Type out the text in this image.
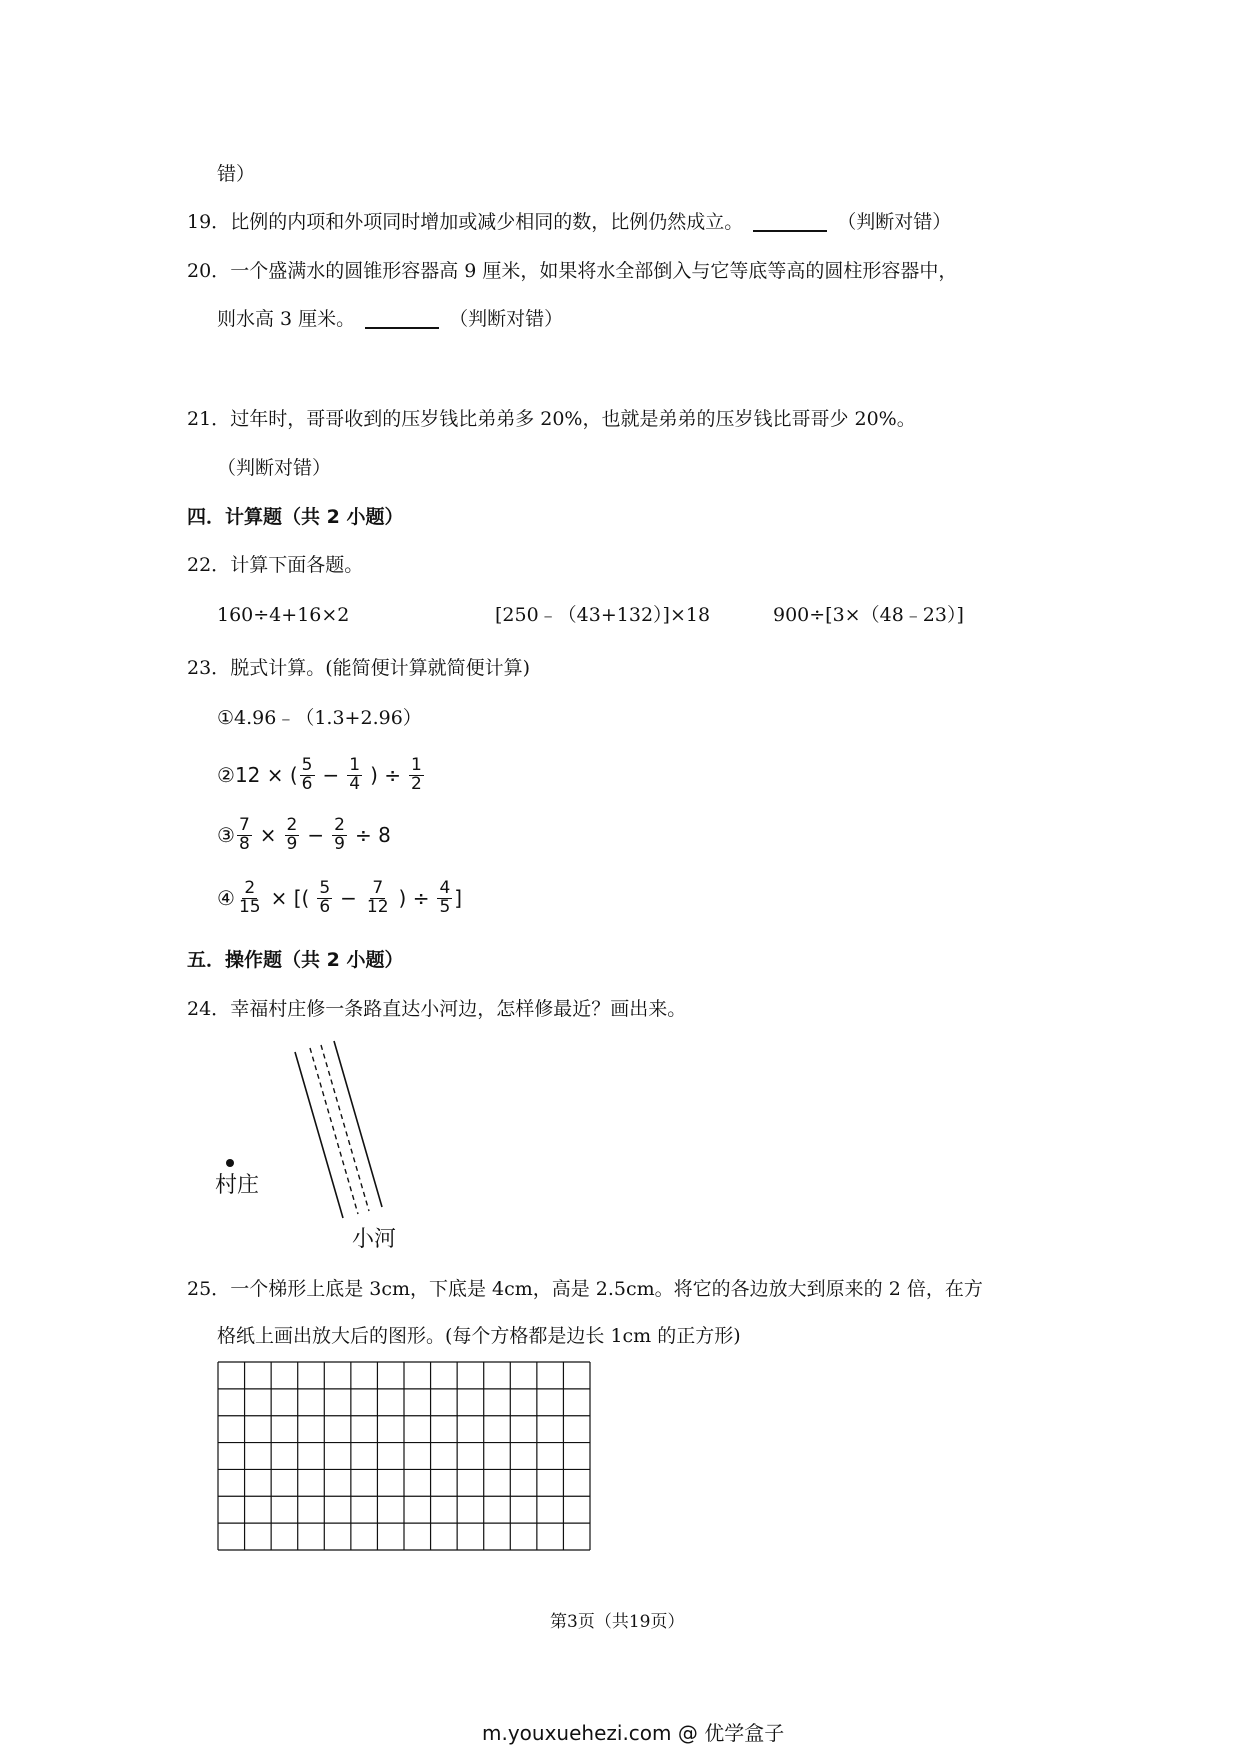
错）
19．比例的内项和外项同时增加或减少相同的数，比例仍然成立。	（判断对错）
20．一个盛满水的圆锥形容器高 9 厘米，如果将水全部倒入与它等底等高的圆柱形容器中，
则水高 3 厘米。	（判断对错）
21．过年时，哥哥收到的压岁钱比弟弟多 20%，也就是弟弟的压岁钱比哥哥少 20%。
（判断对错）
四．计算题（共 2 小题）
22．计算下面各题。
160÷4+16×2	[250﹣（43+132）]×18	900÷[3×（48﹣23）]
23．脱式计算。(能简便计算就简便计算)
①4.96﹣（1.3+2.96）
② 12 × ( $\frac{5}{6} - \frac{1}{4}$ ) ÷ $\frac{1}{2}$
③ $\frac{7}{8} \times \frac{2}{9} - \frac{2}{9} \div 8$
④ $\frac{2}{15}$ × [( $\frac{5}{6} - \frac{7}{12}$ ) ÷ $\frac{4}{5}$ ]
五．操作题（共 2 小题）
24．幸福村庄修一条路直达小河边，怎样修最近？画出来。
村庄
小河
25．一个梯形上底是 3cm，下底是 4cm，高是 2.5cm。将它的各边放大到原来的 2 倍，在方
格纸上画出放大后的图形。(每个方格都是边长 1cm 的正方形)
第3页（共19页）
m.youxuehezi.com @ 优学盒子
